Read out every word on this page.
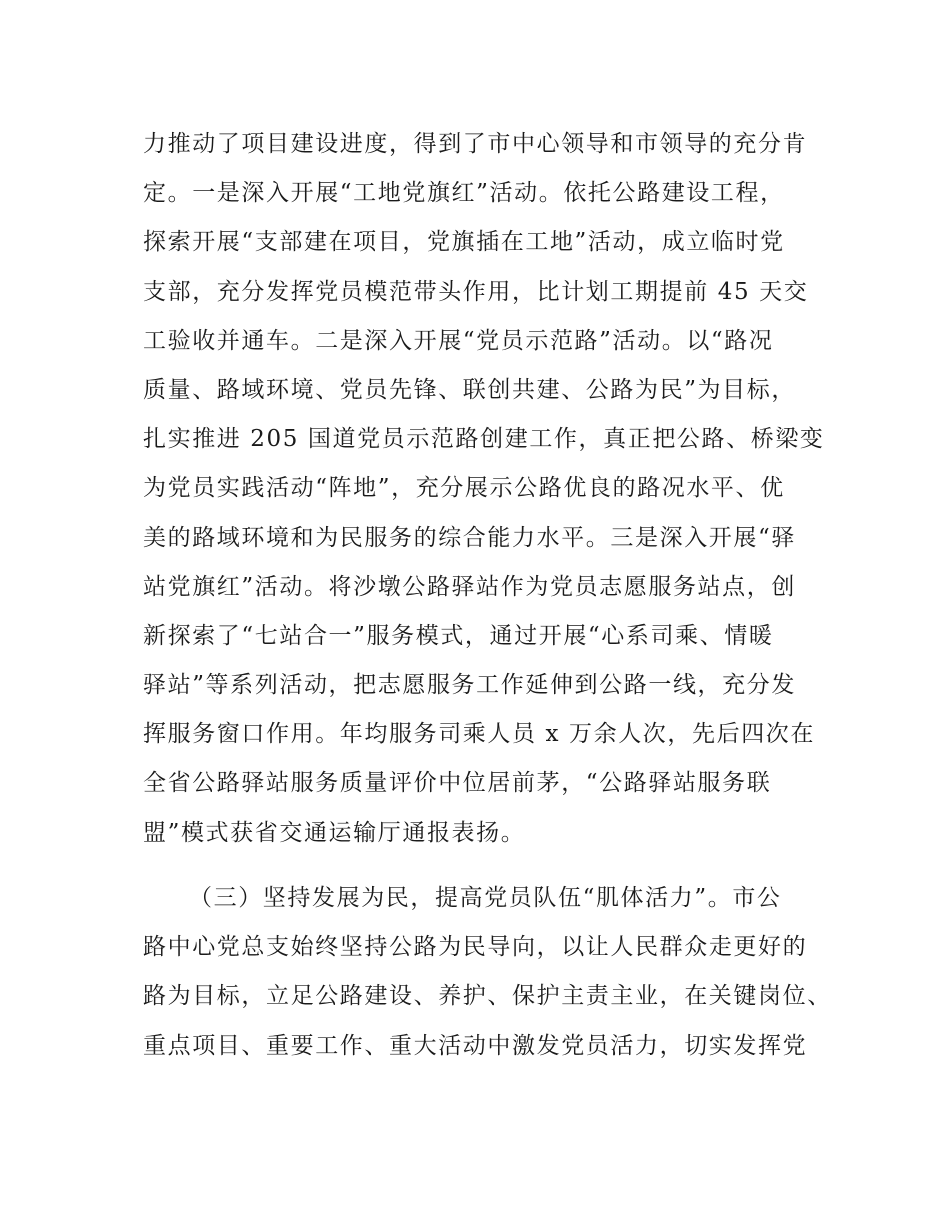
力推动了项目建设进度，得到了市中心领导和市领导的充分肯
定。一是深入开展“工地党旗红”活动。依托公路建设工程，
探索开展“支部建在项目，党旗插在工地”活动，成立临时党
支部，充分发挥党员模范带头作用，比计划工期提前 45 天交
工验收并通车。二是深入开展“党员示范路”活动。以“路况
质量、路域环境、党员先锋、联创共建、公路为民”为目标，
扎实推进 205 国道党员示范路创建工作，真正把公路、桥梁变
为党员实践活动“阵地”，充分展示公路优良的路况水平、优
美的路域环境和为民服务的综合能力水平。三是深入开展“驿
站党旗红”活动。将沙墩公路驿站作为党员志愿服务站点，创
新探索了“七站合一”服务模式，通过开展“心系司乘、情暖
驿站”等系列活动，把志愿服务工作延伸到公路一线，充分发
挥服务窗口作用。年均服务司乘人员 x 万余人次，先后四次在
全省公路驿站服务质量评价中位居前茅，“公路驿站服务联
盟”模式获省交通运输厅通报表扬。
（三）坚持发展为民，提高党员队伍“肌体活力”。市公
路中心党总支始终坚持公路为民导向，以让人民群众走更好的
路为目标，立足公路建设、养护、保护主责主业，在关键岗位、
重点项目、重要工作、重大活动中激发党员活力，切实发挥党
